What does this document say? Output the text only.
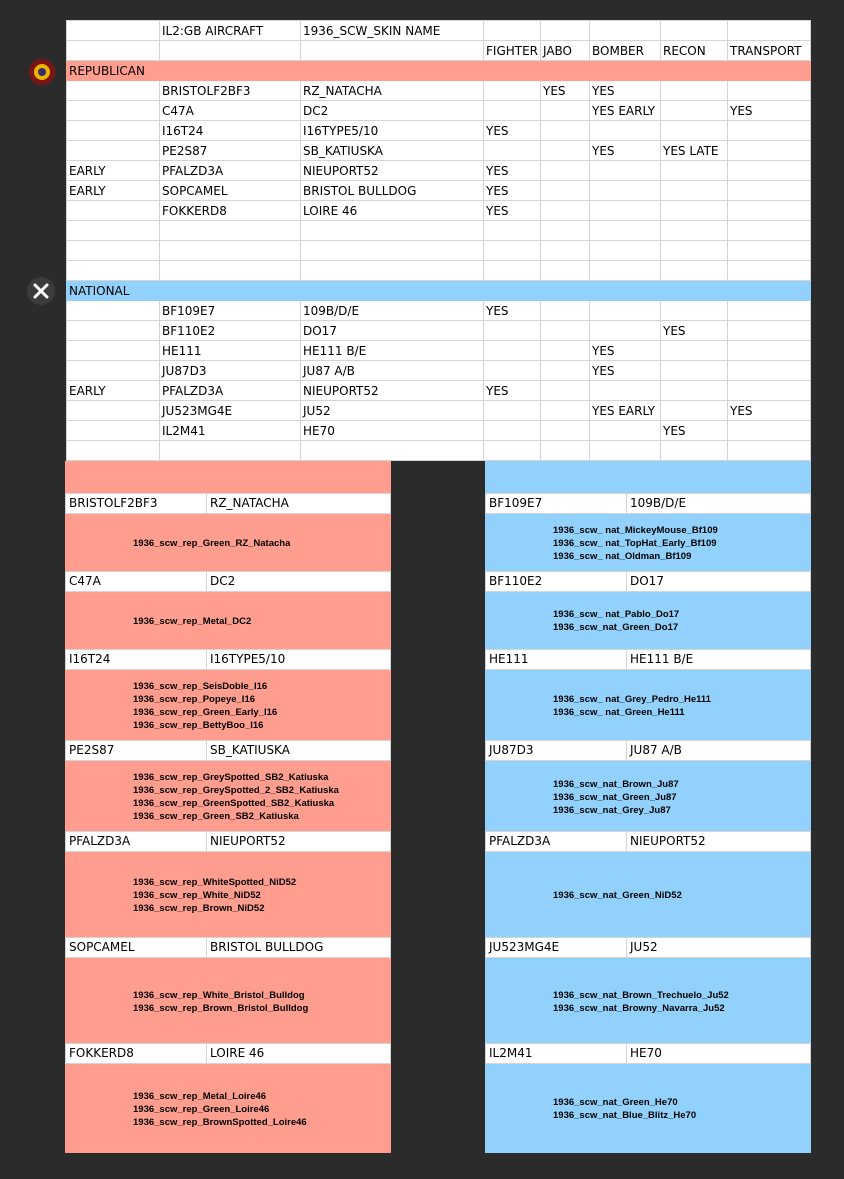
	IL2:GB AIRCRAFT	1936_SCW_SKIN NAME					
			FIGHTER	JABO	BOMBER	RECON	TRANSPORT
REPUBLICAN							
	BRISTOLF2BF3	RZ_NATACHA		YES	YES		
	C47A	DC2			YES EARLY		YES
	I16T24	I16TYPE5/10	YES				
	PE2S87	SB_KATIUSKA			YES	YES LATE	
EARLY	PFALZD3A	NIEUPORT52	YES				
EARLY	SOPCAMEL	BRISTOL BULLDOG	YES				
	FOKKERD8	LOIRE 46	YES				

NATIONAL							
	BF109E7	109B/D/E	YES				
	BF110E2	DO17				YES	
	HE111	HE111 B/E			YES		
	JU87D3	JU87 A/B			YES		
EARLY	PFALZD3A	NIEUPORT52	YES				
	JU523MG4E	JU52			YES EARLY		YES
	IL2M41	HE70				YES	

BRISTOLF2BF3	RZ_NATACHA
1936_scw_rep_Green_RZ_Natacha
C47A	DC2
1936_scw_rep_Metal_DC2
I16T24	I16TYPE5/10
1936_scw_rep_SeisDoble_I16
1936_scw_rep_Popeye_I16
1936_scw_rep_Green_Early_I16
1936_scw_rep_BettyBoo_I16
PE2S87	SB_KATIUSKA
1936_scw_rep_GreySpotted_SB2_Katiuska
1936_scw_rep_GreySpotted_2_SB2_Katiuska
1936_scw_rep_GreenSpotted_SB2_Katiuska
1936_scw_rep_Green_SB2_Katiuska
PFALZD3A	NIEUPORT52
1936_scw_rep_WhiteSpotted_NiD52
1936_scw_rep_White_NiD52
1936_scw_rep_Brown_NiD52
SOPCAMEL	BRISTOL BULLDOG
1936_scw_rep_White_Bristol_Bulldog
1936_scw_rep_Brown_Bristol_Bulldog
FOKKERD8	LOIRE 46
1936_scw_rep_Metal_Loire46
1936_scw_rep_Green_Loire46
1936_scw_rep_BrownSpotted_Loire46
BF109E7	109B/D/E
1936_scw_ nat_MickeyMouse_Bf109
1936_scw_ nat_TopHat_Early_Bf109
1936_scw_ nat_Oldman_Bf109
BF110E2	DO17
1936_scw_ nat_Pablo_Do17
1936_scw_nat_Green_Do17
HE111	HE111 B/E
1936_scw_ nat_Grey_Pedro_He111
1936_scw_ nat_Green_He111
JU87D3	JU87 A/B
1936_scw_nat_Brown_Ju87
1936_scw_nat_Green_Ju87
1936_scw_nat_Grey_Ju87
PFALZD3A	NIEUPORT52
1936_scw_nat_Green_NiD52
JU523MG4E	JU52
1936_scw_nat_Brown_Trechuelo_Ju52
1936_scw_nat_Browny_Navarra_Ju52
IL2M41	HE70
1936_scw_nat_Green_He70
1936_scw_nat_Blue_Blitz_He70
